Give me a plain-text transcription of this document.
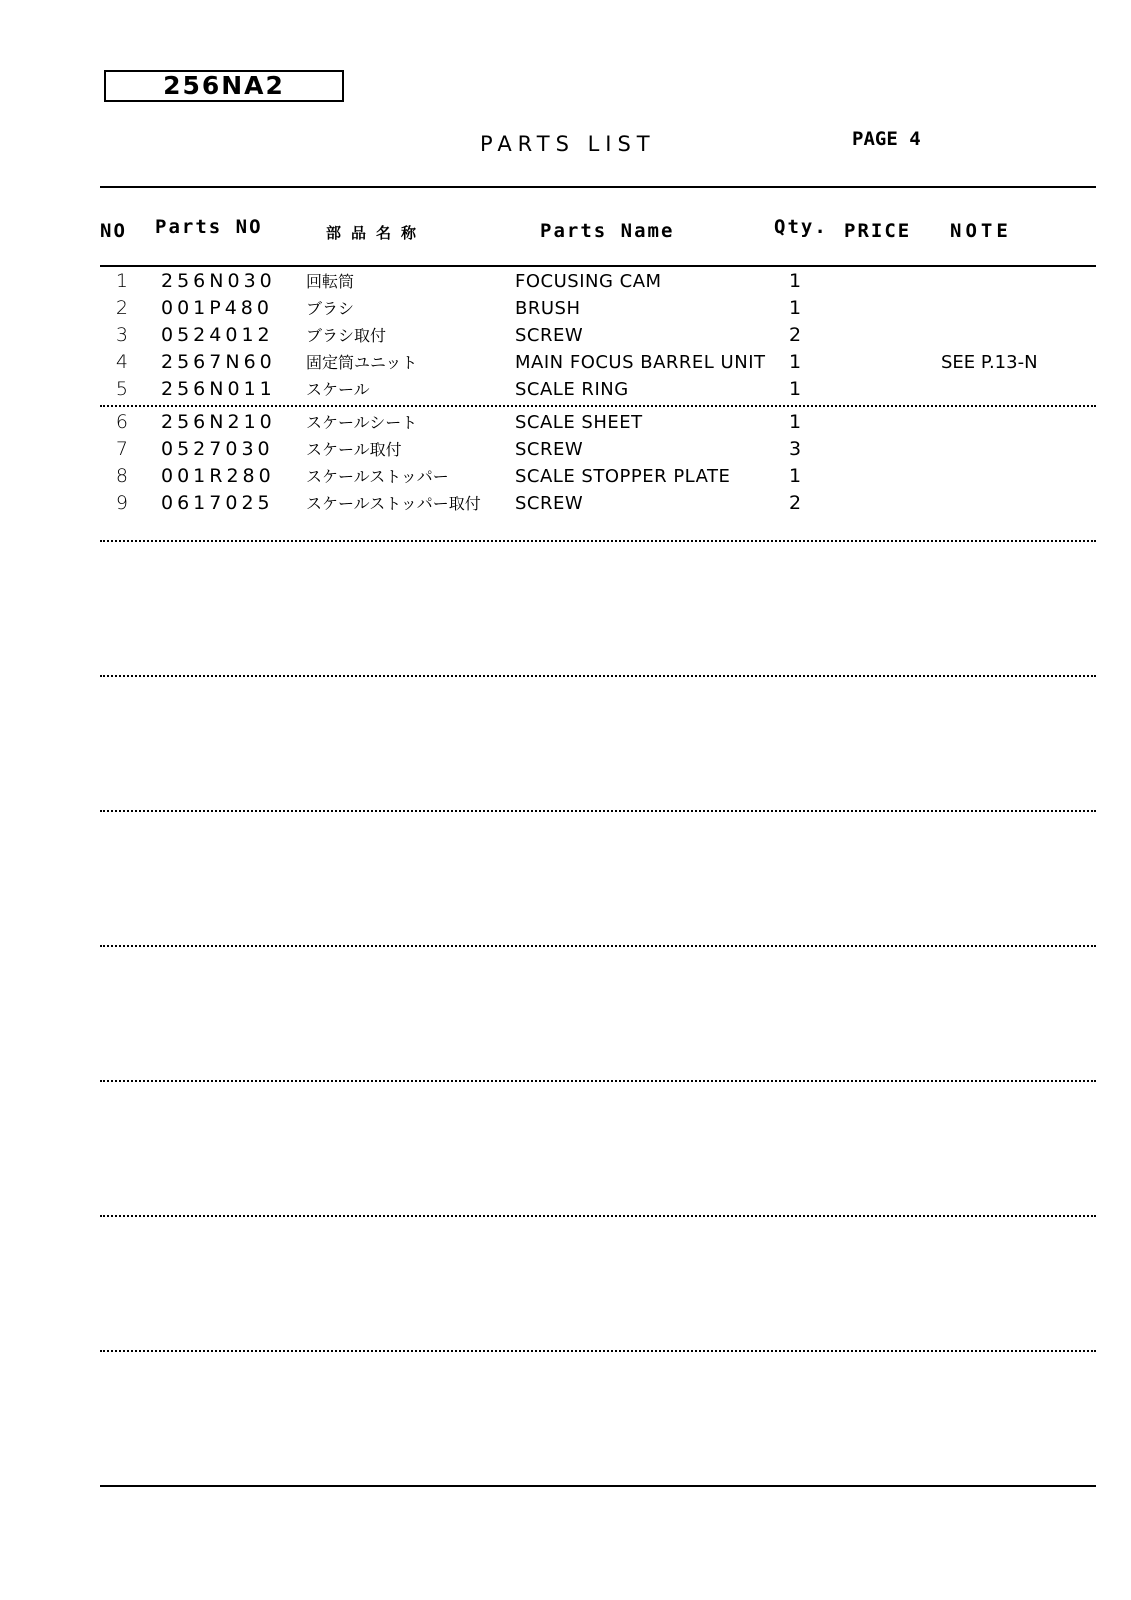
256NA2
PARTS LIST	PAGE 4
NO Parts NO	部品名称	Parts Name	Qty. PRICE NOTE
1 256N030 回転筒	FOCUSING CAM	1
2 001P480 ブラシ	BRUSH	1
3 0524012 ブラシ取付	SCREW	2
4 2567N60 固定筒ユニット	MAIN FOCUS BARREL UNIT 1	SEE P.13-N
5 256N011 スケール	SCALE RING	1
6 256N210 スケールシート	SCALE SHEET	1
7 0527030 スケール取付	SCREW	3
8 001R280 スケールストッパー	SCALE STOPPER PLATE	1
9 0617025 スケールストッパー取付 SCREW	2
